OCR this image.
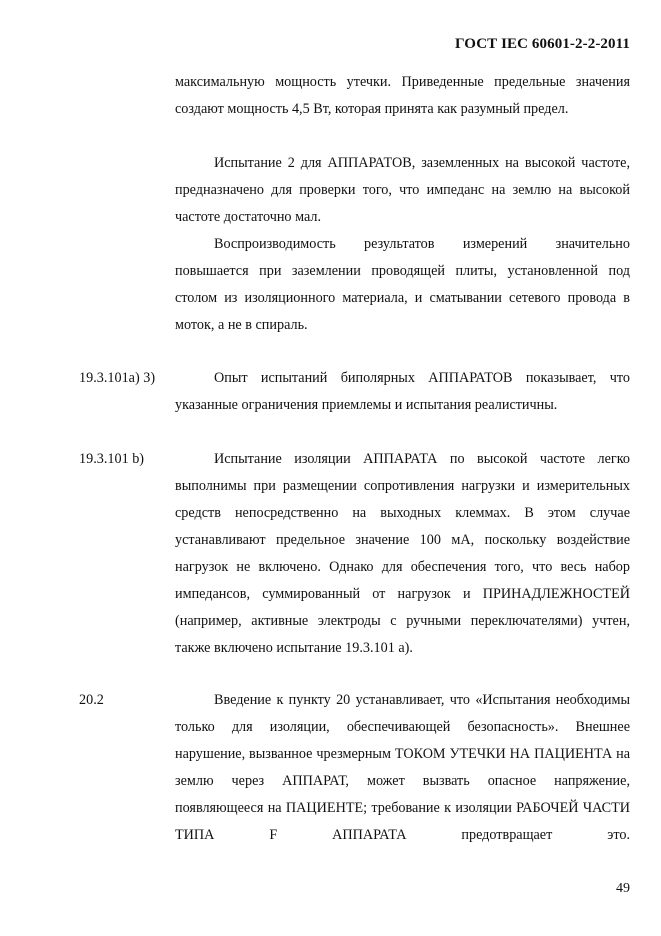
ГОСТ IEC 60601-2-2-2011
максимальную мощность утечки. Приведенные предельные значения создают мощность 4,5 Вт, которая принята как разумный предел.
Испытание 2 для АППАРАТОВ, заземленных на высокой частоте, предназначено для проверки того, что импеданс на землю на высокой частоте достаточно мал.
Воспроизводимость результатов измерений значительно повышается при заземлении проводящей плиты, установленной под столом из изоляционного материала, и сматывании сетевого провода в моток, а не в спираль.
19.3.101a) 3)	Опыт испытаний биполярных АППАРАТОВ показывает, что указанные ограничения приемлемы и испытания реалистичны.
19.3.101 b)	Испытание изоляции АППАРАТА по высокой частоте легко выполнимы при размещении сопротивления нагрузки и измерительных средств непосредственно на выходных клеммах. В этом случае устанавливают предельное значение 100 мА, поскольку воздействие нагрузок не включено. Однако для обеспечения того, что весь набор импедансов, суммированный от нагрузок и ПРИНАДЛЕЖНОСТЕЙ (например, активные электроды с ручными переключателями) учтен, также включено испытание 19.3.101 a).
20.2	Введение к пункту 20 устанавливает, что «Испытания необходимы только для изоляции, обеспечивающей безопасность». Внешнее нарушение, вызванное чрезмерным ТОКОМ УТЕЧКИ НА ПАЦИЕНТА на землю через АППАРАТ, может вызвать опасное напряжение, появляющееся на ПАЦИЕНТЕ; требование к изоляции РАБОЧЕЙ ЧАСТИ ТИПА F АППАРАТА предотвращает это.
49
